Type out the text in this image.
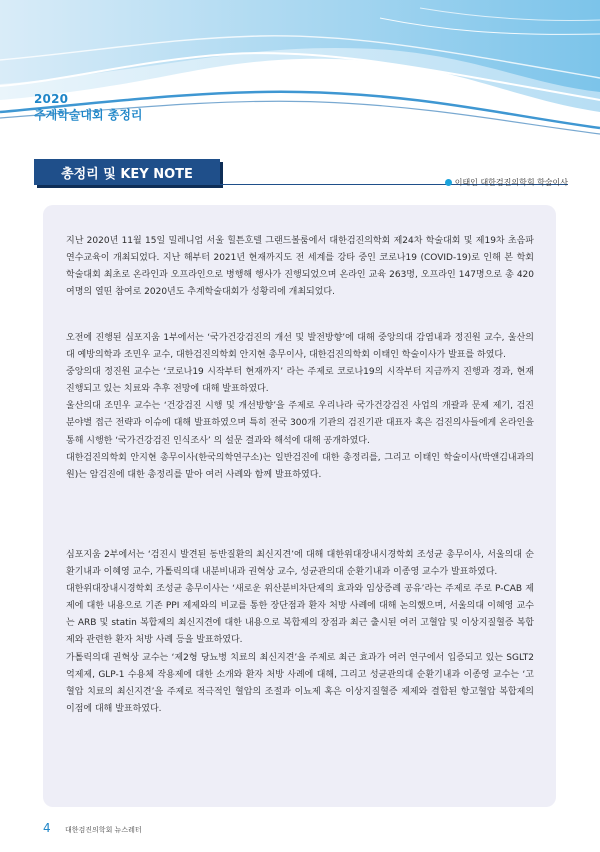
2020
추계학술대회 총정리
총정리 및 KEY NOTE
이태인 대한검진의학회 학술이사

지난 2020년 11월 15일 밀레니엄 서울 힐튼호텔 그랜드볼룸에서 대한검진의학회 제24차 학술대회 및 제19차 초음파연수교육이 개최되었다. 지난 해부터 2021년 현재까지도 전 세계를 강타 중인 코로나19 (COVID-19)로 인해 본 학회 학술대회 최초로 온라인과 오프라인으로 병행해 행사가 진행되었으며 온라인 교육 263명, 오프라인 147명으로 총 420여명의 열띤 참여로 2020년도 추계학술대회가 성황리에 개최되었다.

오전에 진행된 심포지움 1부에서는 ‘국가건강검진의 개선 및 발전방향’에 대해 중앙의대 감염내과 정진원 교수, 울산의대 예방의학과 조민우 교수, 대한검진의학회 안지현 총무이사, 대한검진의학회 이태인 학술이사가 발표를 하였다.

중앙의대 정진원 교수는 ‘코로나19 시작부터 현재까지’ 라는 주제로 코로나19의 시작부터 지금까지 진행과 경과, 현재 진행되고 있는 치료와 추후 전망에 대해 발표하였다.

울산의대 조민우 교수는 ‘건강검진 시행 및 개선방향’을 주제로 우리나라 국가건강검진 사업의 개괄과 문제 제기, 검진 분야별 접근 전략과 이슈에 대해 발표하였으며 특히 전국 300개 기관의 검진기관 대표자 혹은 검진의사들에게 온라인을 통해 시행한 ‘국가건강검진 인식조사’ 의 설문 결과와 해석에 대해 공개하였다.

대한검진의학회 안지현 총무이사(한국의학연구소)는 일반검진에 대한 총정리를, 그리고 이태인 학술이사(박앤김내과의원)는 암검진에 대한 총정리를 맡아 여러 사례와 함께 발표하였다.

심포지움 2부에서는 ‘검진시 발견된 동반질환의 최신지견’에 대해 대한위대장내시경학회 조성균 총무이사, 서울의대 순환기내과 이혜영 교수, 가톨릭의대 내분비내과 권혁상 교수, 성균관의대 순환기내과 이종영 교수가 발표하였다.

대한위대장내시경학회 조성균 총무이사는 ‘새로운 위산분비차단제의 효과와 임상증례 공유’라는 주제로 주로 P-CAB 제제에 대한 내용으로 기존 PPI 제제와의 비교를 통한 장단점과 환자 처방 사례에 대해 논의했으며, 서울의대 이혜영 교수는 ARB 및 statin 복합제의 최신지견에 대한 내용으로 복합제의 장점과 최근 출시된 여러 고혈압 및 이상지질혈증 복합제와 관련한 환자 처방 사례 등을 발표하였다.

가톨릭의대 권혁상 교수는 ‘제2형 당뇨병 치료의 최신지견’을 주제로 최근 효과가 여러 연구에서 입증되고 있는 SGLT2 억제제, GLP-1 수용체 작용제에 대한 소개와 환자 처방 사례에 대해, 그리고 성균관의대 순환기내과 이종영 교수는 ‘고혈압 치료의 최신지견’을 주제로 적극적인 혈압의 조절과 이뇨제 혹은 이상지질혈증 제제와 결합된 항고혈압 복합제의 이점에 대해 발표하였다.

4 대한검진의학회 뉴스레터
